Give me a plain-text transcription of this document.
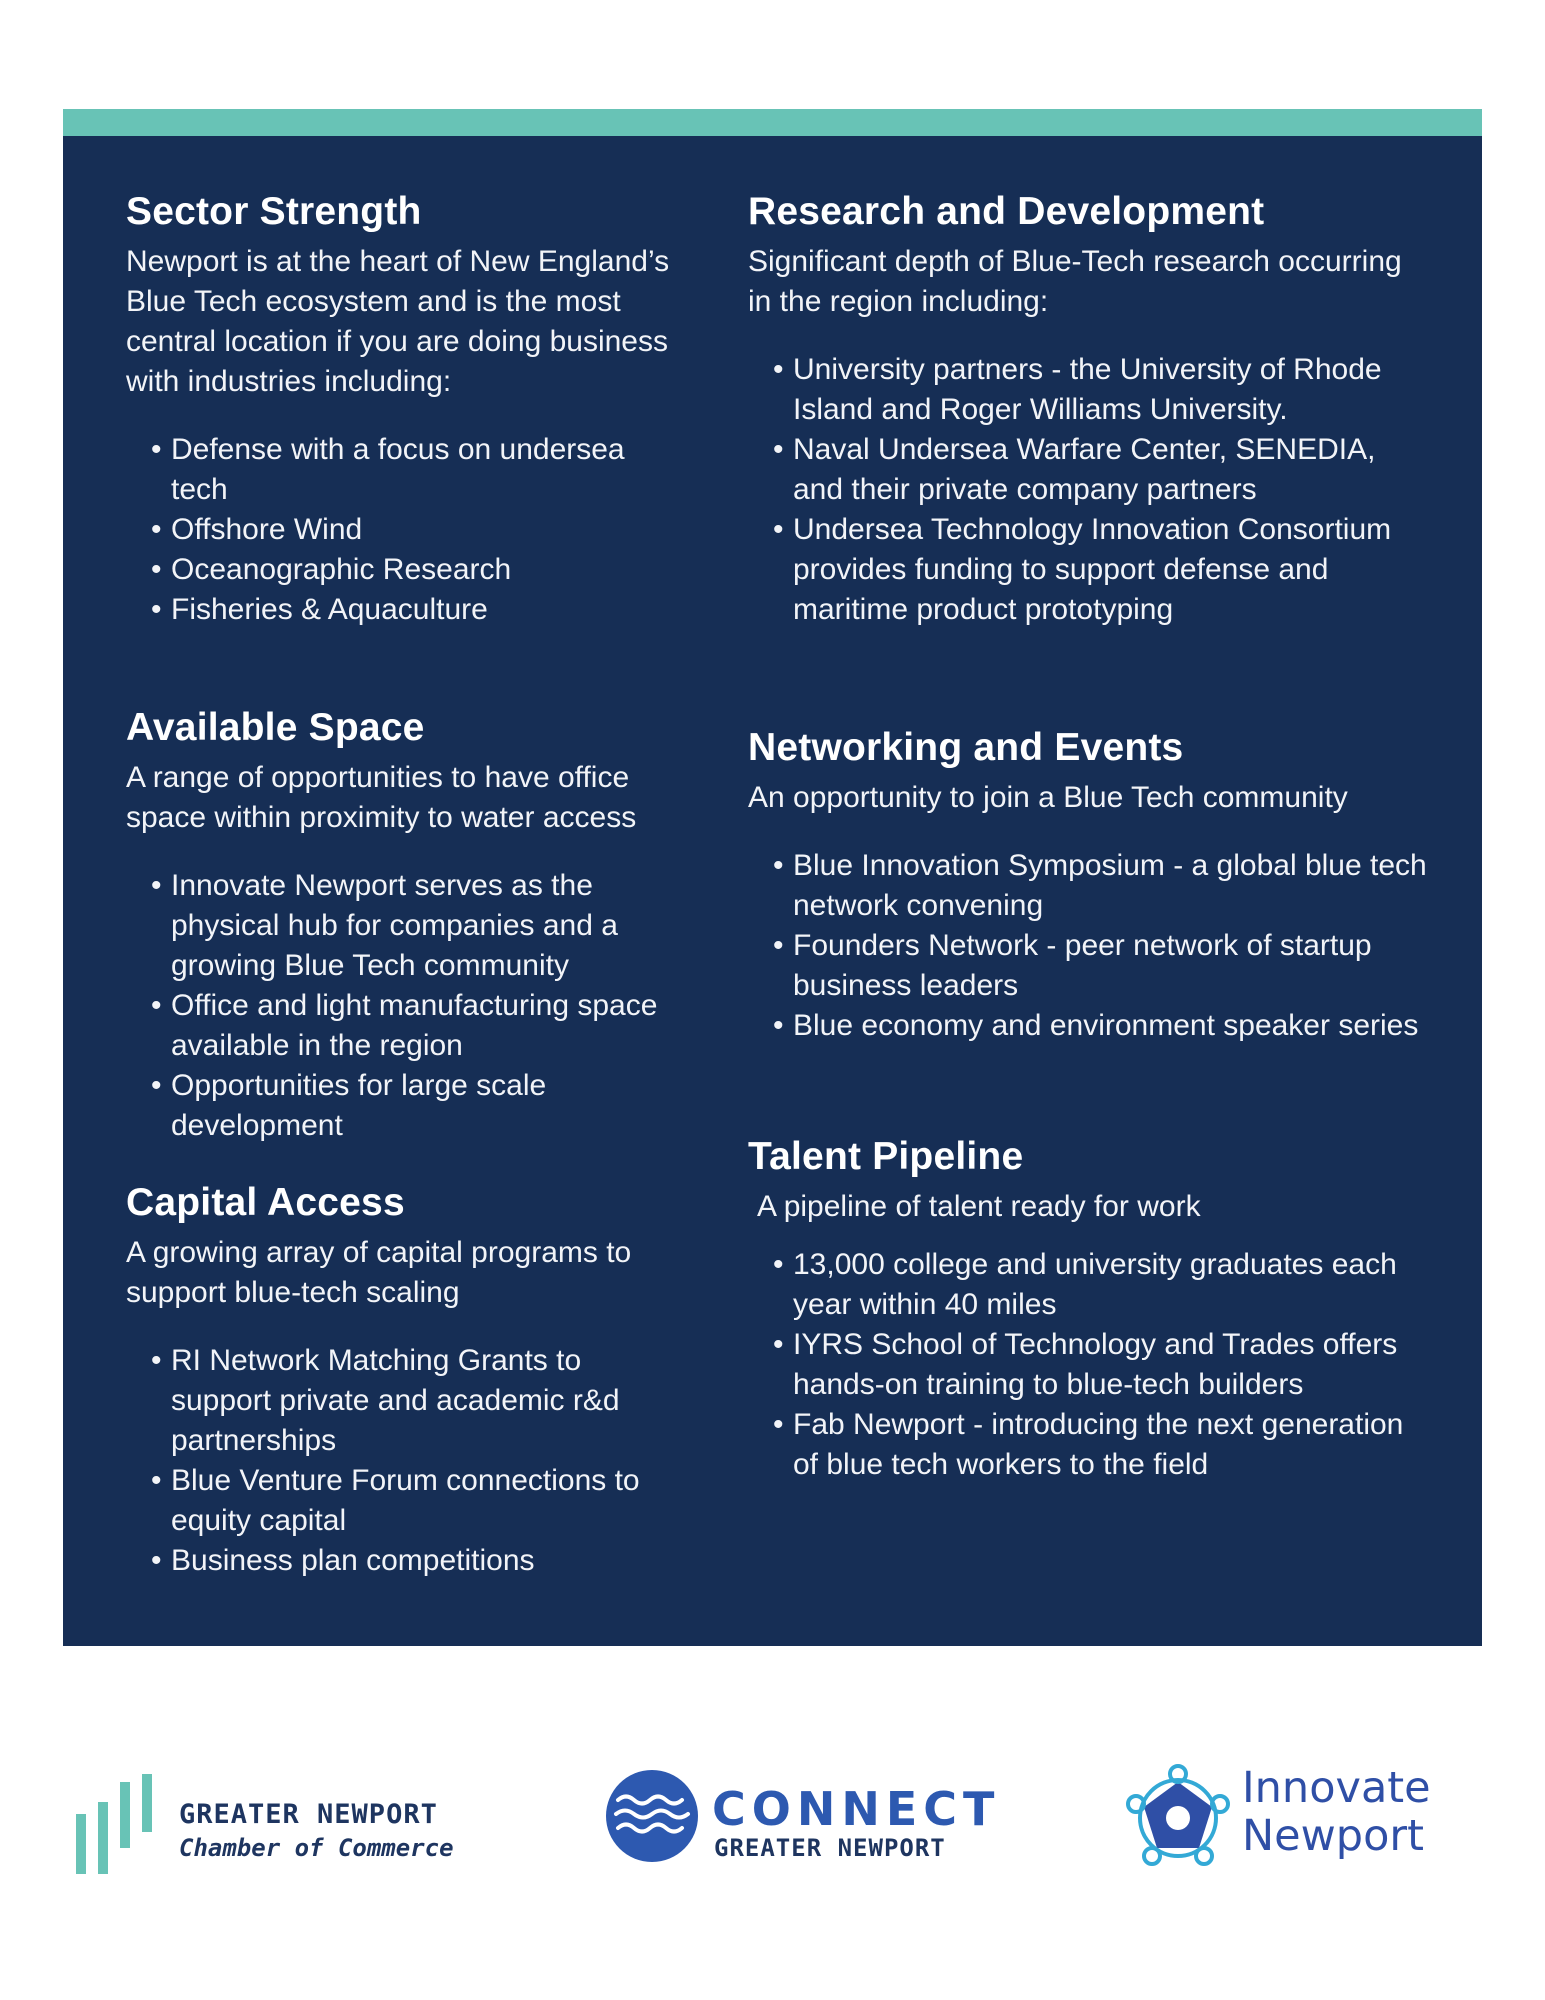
Sector Strength

Newport is at the heart of New England’s Blue Tech ecosystem and is the most central location if you are doing business with industries including:

• Defense with a focus on undersea tech
• Offshore Wind
• Oceanographic Research
• Fisheries & Aquaculture
Available Space

A range of opportunities to have office space within proximity to water access

• Innovate Newport serves as the physical hub for companies and a growing Blue Tech community
• Office and light manufacturing space available in the region
• Opportunities for large scale development
Capital Access

A growing array of capital programs to support blue-tech scaling

• RI Network Matching Grants to support private and academic r&d partnerships
• Blue Venture Forum connections to equity capital
• Business plan competitions
Research and Development

Significant depth of Blue-Tech research occurring in the region including:

• University partners - the University of Rhode Island and Roger Williams University.
• Naval Undersea Warfare Center, SENEDIA, and their private company partners
• Undersea Technology Innovation Consortium provides funding to support defense and maritime product prototyping
Networking and Events

An opportunity to join a Blue Tech community

• Blue Innovation Symposium - a global blue tech network convening
• Founders Network - peer network of startup business leaders
• Blue economy and environment speaker series
Talent Pipeline

A pipeline of talent ready for work

• 13,000 college and university graduates each year within 40 miles
• IYRS School of Technology and Trades offers hands-on training to blue-tech builders
• Fab Newport - introducing the next generation of blue tech workers to the field
GREATER NEWPORT
Chamber of Commerce
CONNECT
GREATER NEWPORT
Innovate
Newport
